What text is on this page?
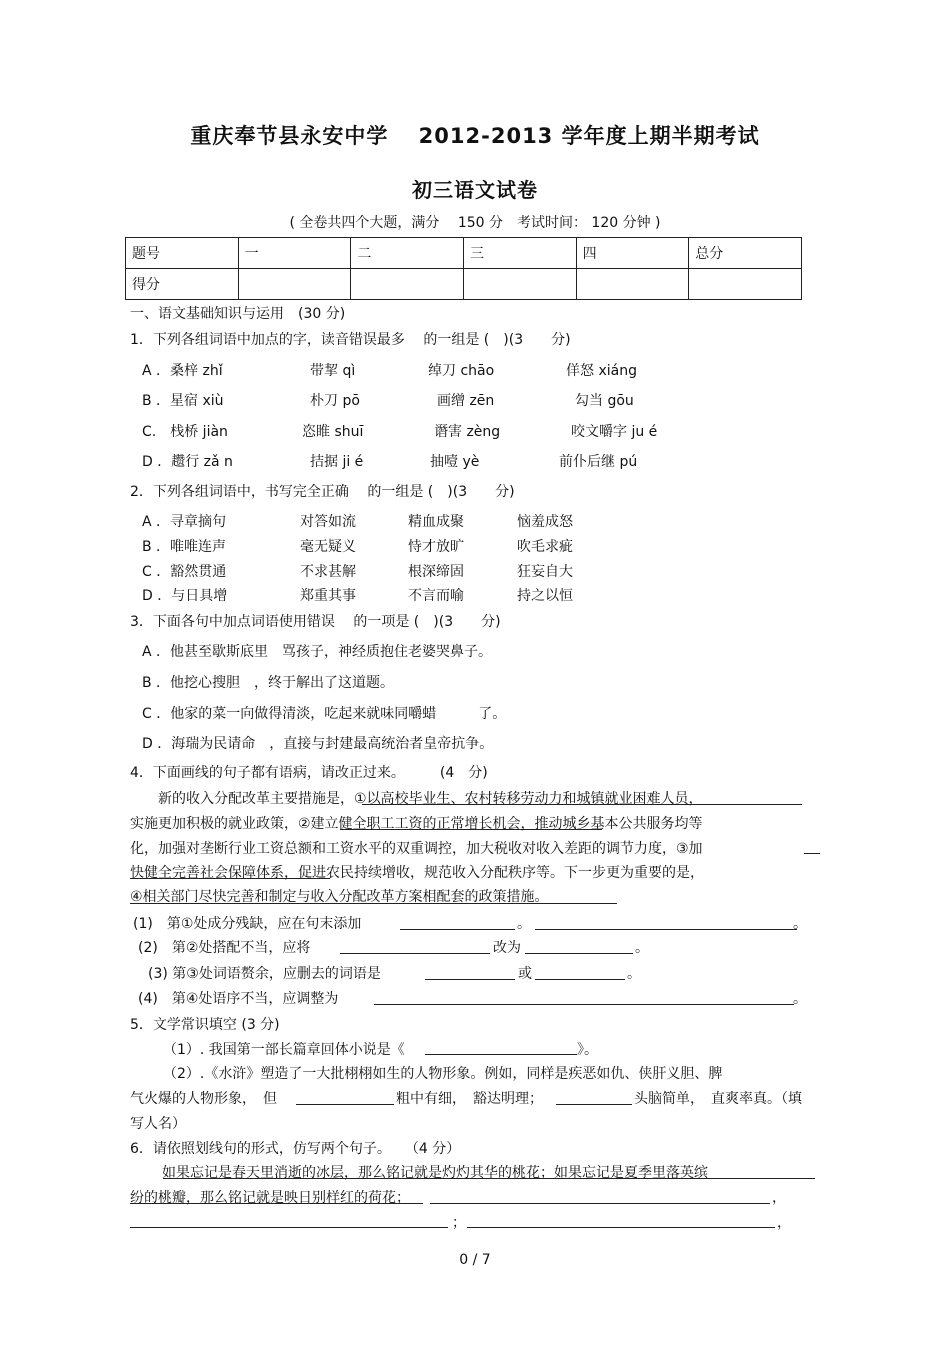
重庆奉节县永安中学　 2012-2013 学年度上期半期考试
初三语文试卷
( 全卷共四个大题，满分　 150 分　考试时间： 120 分钟 )
题号	一	二	三	四	总分
得分					
一、语文基础知识与运用　(30 分)
1．下列各组词语中加点的字，读音错误最多　 的一组是 (　)(3　　分)
A ．桑梓 zhǐ	带挈 qì	绰刀 chāo	佯怒 xiáng
B ．星宿 xiù	朴刀 pō	画缯 zēn	勾当 gōu
C.　栈桥 jiàn	恣睢 shuī	谮害 zèng	咬文嚼字 ju é
D ．趱行 zǎ n	拮据 ji é	抽噎 yè	前仆后继 pú
2．下列各组词语中，书写完全正确　 的一组是 (　)(3　　分)
A ．寻章摘句	对答如流	精血成聚	恼羞成怒
B ．唯唯连声	毫无疑义	恃才放旷	吹毛求疵
C ．豁然贯通	不求甚解	根深缔固	狂妄自大
D ．与日具增	郑重其事	不言而喻	持之以恒
3．下面各句中加点词语使用错误　 的一项是 (　)(3　　分)
A ．他甚至歇斯底里　骂孩子，神经质抱住老婆哭鼻子。
B ．他挖心搜胆　，终于解出了这道题。
C ．他家的菜一向做得清淡，吃起来就味同嚼蜡　　　了。
D ．海瑞为民请命　，直接与封建最高统治者皇帝抗争。
4．下面画线的句子都有语病，请改正过来。　　　(4　分)
　　新的收入分配改革主要措施是，①以高校毕业生、农村转移劳动力和城镇就业困难人员，
实施更加积极的就业政策，②建立健全职工工资的正常增长机会，推动城乡基本公共服务均等
化，加强对垄断行业工资总额和工资水平的双重调控，加大税收对收入差距的调节力度，③加
快健全完善社会保障体系，促进农民持续增收，规范收入分配秩序等。下一步更为重要的是，
④相关部门尽快完善和制定与收入分配改革方案相配套的政策措施。
(1)　第①处成分残缺，应在句末添加	。	。
(2)　第②处搭配不当，应将	改为	。
(3) 第③处词语赘余，应删去的词语是	或	。
(4)　第④处语序不当，应调整为	。
5．文学常识填空 (3 分)
（1）. 我国第一部长篇章回体小说是《	》。
（2）.《水浒》塑造了一大批栩栩如生的人物形象。例如，同样是疾恶如仇、侠肝义胆、脾
气火爆的人物形象，　但	粗中有细，　豁达明理；	头脑简单，　直爽率真。（填
写人名）
6．请依照划线句的形式，仿写两个句子。　　（4 分）
　如果忘记是春天里消逝的冰层，那么铭记就是灼灼其华的桃花；如果忘记是夏季里落英缤
纷的桃瓣，那么铭记就是映日别样红的荷花；	，
；	，
0 / 7
